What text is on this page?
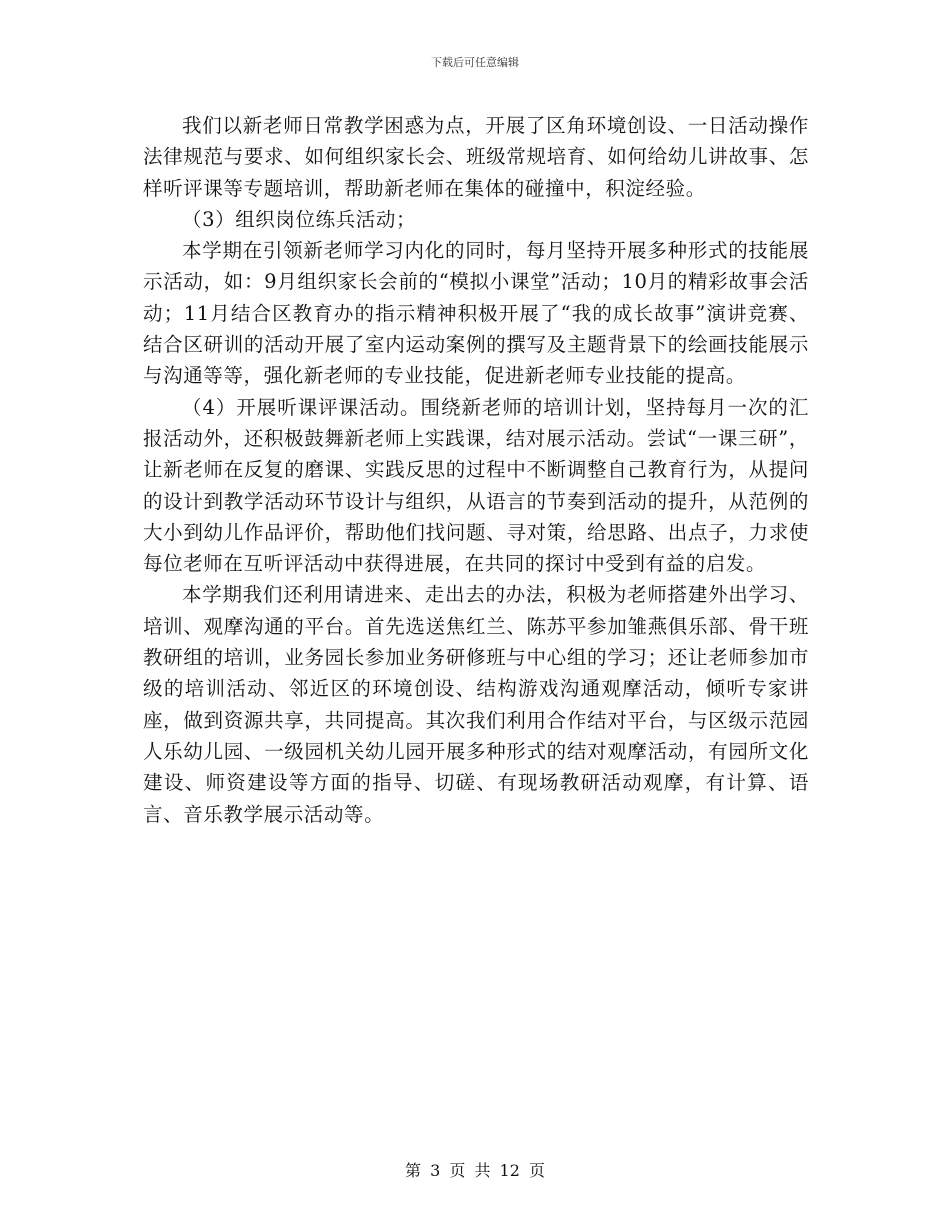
下载后可任意编辑

我们以新老师日常教学困惑为点，开展了区角环境创设、一日活动操作法律规范与要求、如何组织家长会、班级常规培育、如何给幼儿讲故事、怎样听评课等专题培训，帮助新老师在集体的碰撞中，积淀经验。

（3）组织岗位练兵活动；

本学期在引领新老师学习内化的同时，每月坚持开展多种形式的技能展示活动，如：9月组织家长会前的“模拟小课堂”活动；10月的精彩故事会活动；11月结合区教育办的指示精神积极开展了“我的成长故事”演讲竞赛、结合区研训的活动开展了室内运动案例的撰写及主题背景下的绘画技能展示与沟通等等，强化新老师的专业技能，促进新老师专业技能的提高。

（4）开展听课评课活动。围绕新老师的培训计划，坚持每月一次的汇报活动外，还积极鼓舞新老师上实践课，结对展示活动。尝试“一课三研”，让新老师在反复的磨课、实践反思的过程中不断调整自己教育行为，从提问的设计到教学活动环节设计与组织，从语言的节奏到活动的提升，从范例的大小到幼儿作品评价，帮助他们找问题、寻对策，给思路、出点子，力求使每位老师在互听评活动中获得进展，在共同的探讨中受到有益的启发。

本学期我们还利用请进来、走出去的办法，积极为老师搭建外出学习、培训、观摩沟通的平台。首先选送焦红兰、陈苏平参加雏燕俱乐部、骨干班教研组的培训，业务园长参加业务研修班与中心组的学习；还让老师参加市级的培训活动、邻近区的环境创设、结构游戏沟通观摩活动，倾听专家讲座，做到资源共享，共同提高。其次我们利用合作结对平台，与区级示范园人乐幼儿园、一级园机关幼儿园开展多种形式的结对观摩活动，有园所文化建设、师资建设等方面的指导、切磋、有现场教研活动观摩，有计算、语言、音乐教学展示活动等。

第 3 页 共 12 页
